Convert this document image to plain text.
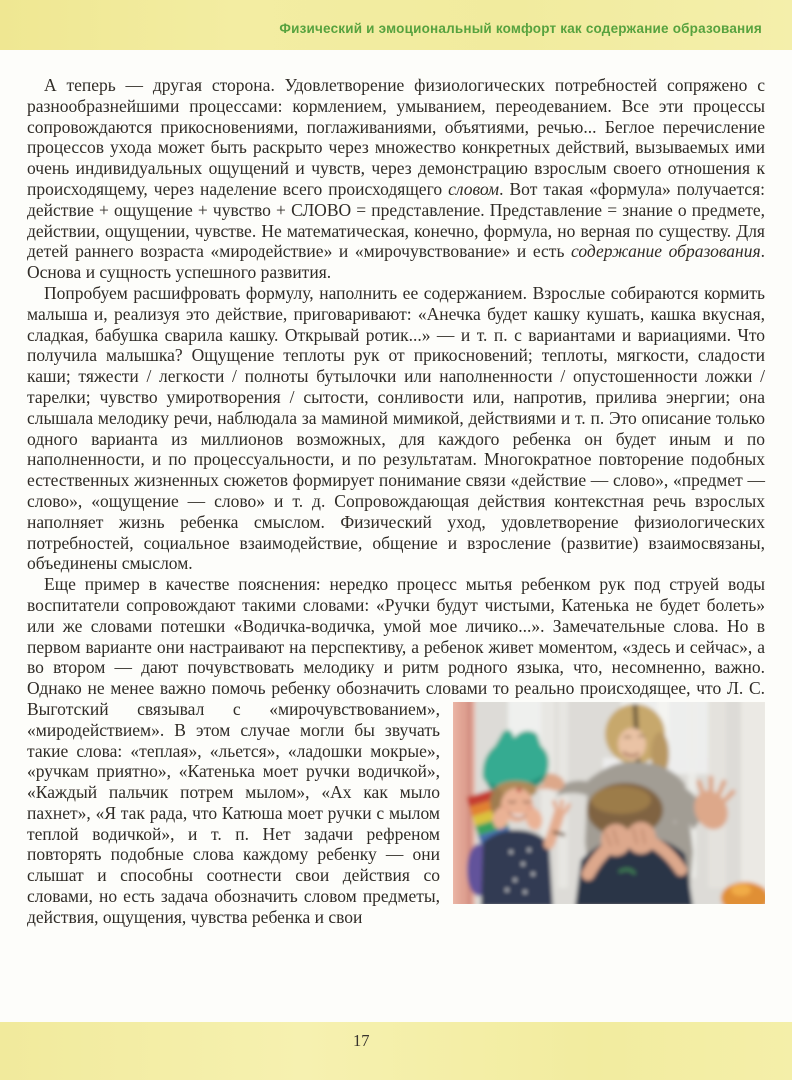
Физический и эмоциональный комфорт как содержание образования

А теперь — другая сторона. Удовлетворение физиологических потребностей сопряжено с разнообразнейшими процессами: кормлением, умыванием, переодеванием. Все эти процессы сопровождаются прикосновениями, поглаживаниями, объятиями, речью... Беглое перечисление процессов ухода может быть раскрыто через множество конкретных действий, вызываемых ими очень индивидуальных ощущений и чувств, через демонстрацию взрослым своего отношения к происходящему, через наделение всего происходящего словом. Вот такая «формула» получается: действие + ощущение + чувство + СЛОВО = представление. Представление = знание о предмете, действии, ощущении, чувстве. Не математическая, конечно, формула, но верная по существу. Для детей раннего возраста «миродействие» и «мирочувствование» и есть содержание образования. Основа и сущность успешного развития.

Попробуем расшифровать формулу, наполнить ее содержанием. Взрослые собираются кормить малыша и, реализуя это действие, приговаривают: «Анечка будет кашку кушать, кашка вкусная, сладкая, бабушка сварила кашку. Открывай ротик...» — и т. п. с вариантами и вариациями. Что получила малышка? Ощущение теплоты рук от прикосновений; теплоты, мягкости, сладости каши; тяжести / легкости / полноты бутылочки или наполненности / опустошенности ложки / тарелки; чувство умиротворения / сытости, сонливости или, напротив, прилива энергии; она слышала мелодику речи, наблюдала за маминой мимикой, действиями и т. п. Это описание только одного варианта из миллионов возможных, для каждого ребенка он будет иным и по наполненности, и по процессуальности, и по результатам. Многократное повторение подобных естественных жизненных сюжетов формирует понимание связи «действие — слово», «предмет — слово», «ощущение — слово» и т. д. Сопровождающая действия контекстная речь взрослых наполняет жизнь ребенка смыслом. Физический уход, удовлетворение физиологических потребностей, социальное взаимодействие, общение и взросление (развитие) взаимосвязаны, объединены смыслом.

Еще пример в качестве пояснения: нередко процесс мытья ребенком рук под струей воды воспитатели сопровождают такими словами: «Ручки будут чистыми, Катенька не будет болеть» или же словами потешки «Водичка-водичка, умой мое личико...». Замечательные слова. Но в первом варианте они настраивают на перспективу, а ребенок живет моментом, «здесь и сейчас», а во втором — дают почувствовать мелодику и ритм родного языка, что, несомненно, важно. Однако не менее важно помочь ребенку обозначить словами то реально происходящее, что Л. С. Выготский связывал с «мирочувствованием», «миродействием». В этом случае могли бы звучать такие слова: «теплая», «льется», «ладошки мокрые», «ручкам приятно», «Катенька моет ручки водичкой», «Каждый пальчик потрем мылом», «Ах как мыло пахнет», «Я так рада, что Катюша моет ручки с мылом теплой водичкой», и т. п. Нет задачи рефреном повторять подобные слова каждому ребенку — они слышат и способны соотнести свои действия со словами, но есть задача обозначить словом предметы, действия, ощущения, чувства ребенка и свои

17
